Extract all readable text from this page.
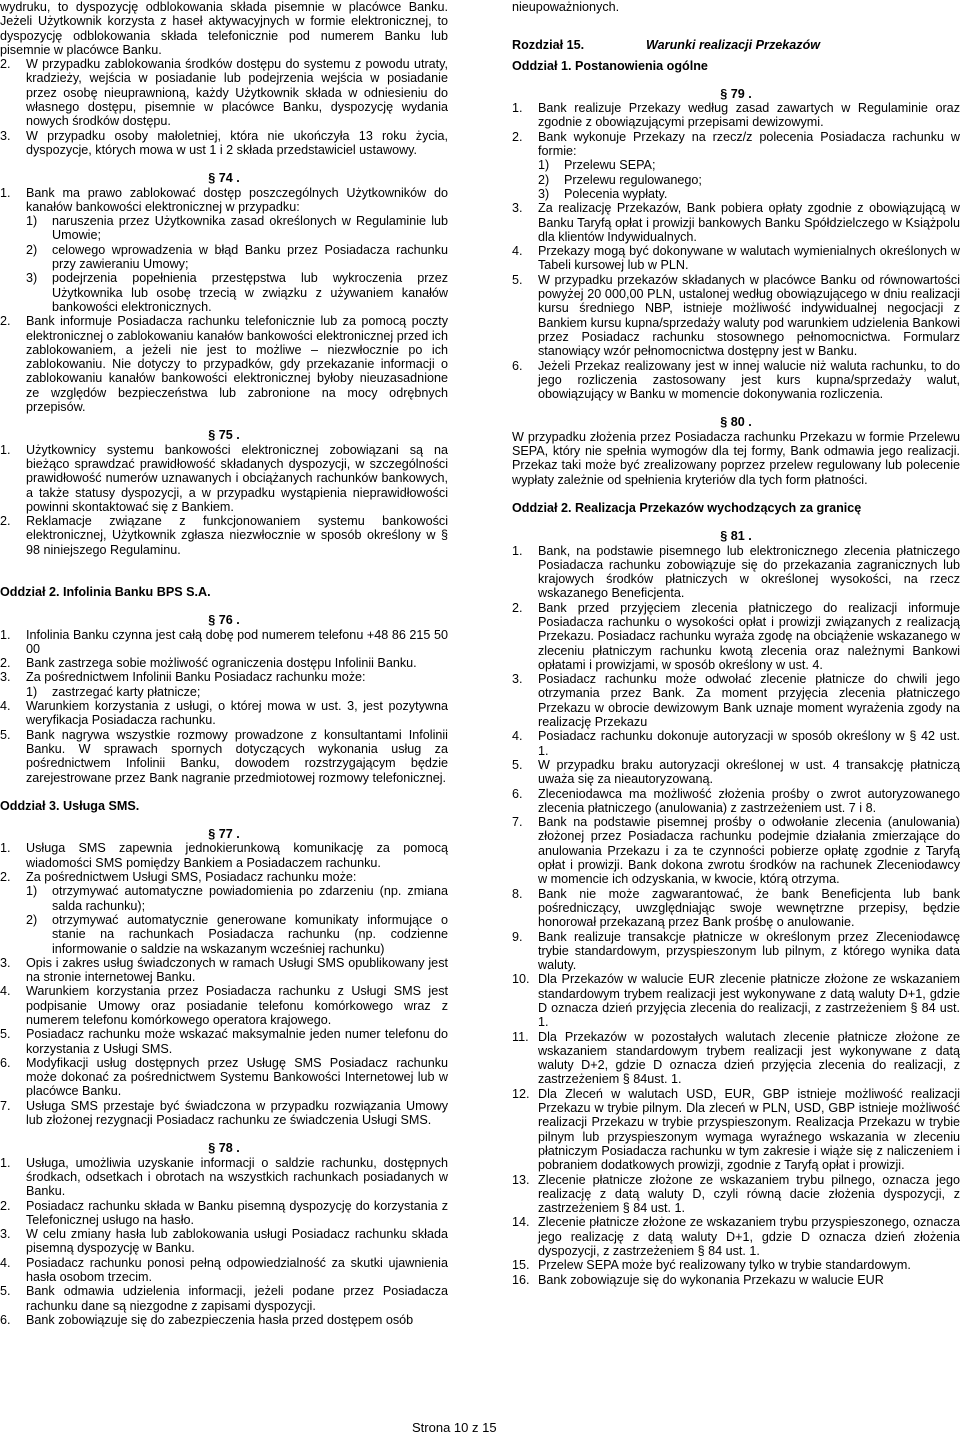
wydruku, to dyspozycję odblokowania składa pisemnie w placówce Banku. Jeżeli Użytkownik korzysta z haseł aktywacyjnych w formie elektronicznej, to dyspozycję odblokowania składa telefonicznie pod numerem Banku lub pisemnie w placówce Banku.
2.	W przypadku zablokowania środków dostępu do systemu z powodu utraty, kradzieży, wejścia w posiadanie lub podejrzenia wejścia w posiadanie przez osobę nieuprawnioną, każdy Użytkownik składa w odniesieniu do własnego dostępu, pisemnie w placówce Banku, dyspozycję wydania nowych środków dostępu.
3.	W przypadku osoby małoletniej, która nie ukończyła 13 roku życia, dyspozycje, których mowa w ust 1 i 2 składa przedstawiciel ustawowy.
§ 74 .
1.	Bank ma prawo zablokować dostęp poszczególnych Użytkowników do kanałów bankowości elektronicznej w przypadku:
1)	naruszenia przez Użytkownika zasad określonych w Regulaminie lub Umowie;
2)	celowego wprowadzenia w błąd Banku przez Posiadacza rachunku przy zawieraniu Umowy;
3)	podejrzenia popełnienia przestępstwa lub wykroczenia przez Użytkownika lub osobę trzecią w związku z używaniem kanałów bankowości elektronicznych.
2.	Bank informuje Posiadacza rachunku telefonicznie lub za pomocą poczty elektronicznej o zablokowaniu kanałów bankowości elektronicznej przed ich zablokowaniem, a jeżeli nie jest to możliwe – niezwłocznie po ich zablokowaniu. Nie dotyczy to przypadków, gdy przekazanie informacji o zablokowaniu kanałów bankowości elektronicznej byłoby nieuzasadnione ze względów bezpieczeństwa lub zabronione na mocy odrębnych przepisów.
§ 75 .
1.	Użytkownicy systemu bankowości elektronicznej zobowiązani są na bieżąco sprawdzać prawidłowość składanych dyspozycji, w szczególności prawidłowość numerów uznawanych i obciążanych rachunków bankowych, a także statusy dyspozycji, a w przypadku wystąpienia nieprawidłowości powinni skontaktować się z Bankiem.
2.	Reklamacje związane z funkcjonowaniem systemu bankowości elektronicznej, Użytkownik zgłasza niezwłocznie w sposób określony w § 98 niniejszego Regulaminu.
Oddział 2. Infolinia Banku BPS S.A.
§ 76 .
1.	Infolinia Banku czynna jest całą dobę pod numerem telefonu +48 86 215 50 00
2.	Bank zastrzega sobie możliwość ograniczenia dostępu Infolinii Banku.
3.	Za pośrednictwem Infolinii Banku Posiadacz rachunku może:
1)	zastrzegać karty płatnicze;
4.	Warunkiem korzystania z usługi, o której mowa w ust. 3, jest pozytywna weryfikacja Posiadacza rachunku.
5.	Bank nagrywa wszystkie rozmowy prowadzone z konsultantami Infolinii Banku. W sprawach spornych dotyczących wykonania usług za pośrednictwem Infolinii Banku, dowodem rozstrzygającym będzie zarejestrowane przez Bank nagranie przedmiotowej rozmowy telefonicznej.
Oddział 3. Usługa SMS.
§ 77 .
1.	Usługa SMS zapewnia jednokierunkową komunikację za pomocą wiadomości SMS pomiędzy Bankiem a Posiadaczem rachunku.
2.	Za pośrednictwem Usługi SMS, Posiadacz rachunku może:
1)	otrzymywać automatyczne powiadomienia po zdarzeniu (np. zmiana salda rachunku);
2)	otrzymywać automatycznie generowane komunikaty informujące o stanie na rachunkach Posiadacza rachunku (np. codzienne informowanie o saldzie na wskazanym wcześniej rachunku)
3.	Opis i zakres usług świadczonych w ramach Usługi SMS opublikowany jest na stronie internetowej Banku.
4.	Warunkiem korzystania przez Posiadacza rachunku z Usługi SMS jest podpisanie Umowy oraz posiadanie telefonu komórkowego wraz z numerem telefonu komórkowego operatora krajowego.
5.	Posiadacz rachunku może wskazać maksymalnie jeden numer telefonu do korzystania z Usługi SMS.
6.	Modyfikacji usług dostępnych przez Usługę SMS Posiadacz rachunku może dokonać za pośrednictwem Systemu Bankowości Internetowej lub w placówce Banku.
7.	Usługa SMS przestaje być świadczona w przypadku rozwiązania Umowy lub złożonej rezygnacji Posiadacz rachunku ze świadczenia Usługi SMS.
§ 78 .
1.	Usługa, umożliwia uzyskanie informacji o saldzie rachunku, dostępnych środkach, odsetkach i obrotach na wszystkich rachunkach posiadanych w Banku.
2.	Posiadacz rachunku składa w Banku pisemną dyspozycję do korzystania z Telefonicznej usługo na hasło.
3.	W celu zmiany hasła lub zablokowania usługi Posiadacz rachunku składa pisemną dyspozycję w Banku.
4.	Posiadacz rachunku ponosi pełną odpowiedzialność za skutki ujawnienia hasła osobom trzecim.
5.	Bank odmawia udzielenia informacji, jeżeli podane przez Posiadacza rachunku dane są niezgodne z zapisami dyspozycji.
6.	Bank zobowiązuje się do zabezpieczenia hasła przed dostępem osób
nieupoważnionych.
Rozdział 15.	Warunki realizacji Przekazów
Oddział 1. Postanowienia ogólne
§ 79 .
1.	Bank realizuje Przekazy według zasad zawartych w Regulaminie oraz zgodnie z obowiązującymi przepisami dewizowymi.
2.	Bank wykonuje Przekazy na rzecz/z polecenia Posiadacza rachunku w formie:
1)	Przelewu SEPA;
2)	Przelewu regulowanego;
3)	Polecenia wypłaty.
3.	Za realizację Przekazów, Bank pobiera opłaty zgodnie z obowiązującą w Banku Taryfą opłat i prowizji bankowych Banku Spółdzielczego w Książpolu dla klientów Indywidualnych.
4.	Przekazy mogą być dokonywane w walutach wymienialnych określonych w Tabeli kursowej lub w PLN.
5.	W przypadku przekazów składanych w placówce Banku od równowartości powyżej 20 000,00 PLN, ustalonej według obowiązującego w dniu realizacji kursu średniego NBP, istnieje możliwość indywidualnej negocjacji z Bankiem kursu kupna/sprzedaży waluty pod warunkiem udzielenia Bankowi przez Posiadacz rachunku stosownego pełnomocnictwa. Formularz stanowiący wzór pełnomocnictwa dostępny jest w Banku.
6.	Jeżeli Przekaz realizowany jest w innej walucie niż waluta rachunku, to do jego rozliczenia zastosowany jest kurs kupna/sprzedaży walut, obowiązujący w Banku w momencie dokonywania rozliczenia.
§ 80 .
W przypadku złożenia przez Posiadacza rachunku Przekazu w formie Przelewu SEPA, który nie spełnia wymogów dla tej formy, Bank odmawia jego realizacji. Przekaz taki może być zrealizowany poprzez przelew regulowany lub polecenie wypłaty zależnie od spełnienia kryteriów dla tych form płatności.
Oddział 2. Realizacja Przekazów wychodzących za granicę
§ 81 .
1.	Bank, na podstawie pisemnego lub elektronicznego zlecenia płatniczego Posiadacza rachunku zobowiązuje się do przekazania zagranicznych lub krajowych środków płatniczych w określonej wysokości, na rzecz wskazanego Beneficjenta.
2.	Bank przed przyjęciem zlecenia płatniczego do realizacji informuje Posiadacza rachunku o wysokości opłat i prowizji związanych z realizacją Przekazu. Posiadacz rachunku wyraża zgodę na obciążenie wskazanego w zleceniu płatniczym rachunku kwotą zlecenia oraz należnymi Bankowi opłatami i prowizjami, w sposób określony w ust. 4.
3.	Posiadacz rachunku może odwołać zlecenie płatnicze do chwili jego otrzymania przez Bank. Za moment przyjęcia zlecenia płatniczego Przekazu w obrocie dewizowym Bank uznaje moment wyrażenia zgody na realizację Przekazu
4.	Posiadacz rachunku dokonuje autoryzacji w sposób określony w § 42 ust. 1.
5.	W przypadku braku autoryzacji określonej w ust. 4 transakcję płatniczą uważa się za nieautoryzowaną.
6.	Zleceniodawca ma możliwość złożenia prośby o zwrot autoryzowanego zlecenia płatniczego (anulowania) z zastrzeżeniem ust. 7 i 8.
7.	Bank na podstawie pisemnej prośby o odwołanie zlecenia (anulowania) złożonej przez Posiadacza rachunku podejmie działania zmierzające do anulowania Przekazu i za te czynności pobierze opłatę zgodnie z Taryfą opłat i prowizji. Bank dokona zwrotu środków na rachunek Zleceniodawcy w momencie ich odzyskania, w kwocie, którą otrzyma.
8.	Bank nie może zagwarantować, że bank Beneficjenta lub bank pośredniczący, uwzględniając swoje wewnętrzne przepisy, będzie honorował przekazaną przez Bank prośbę o anulowanie.
9.	Bank realizuje transakcje płatnicze w określonym przez Zleceniodawcę trybie standardowym, przyspieszonym lub pilnym, z którego wynika data waluty.
10. Dla Przekazów w walucie EUR zlecenie płatnicze złożone ze wskazaniem standardowym trybem realizacji jest wykonywane z datą waluty D+1, gdzie D oznacza dzień przyjęcia zlecenia do realizacji, z zastrzeżeniem § 84 ust. 1.
11. Dla Przekazów w pozostałych walutach zlecenie płatnicze złożone ze wskazaniem standardowym trybem realizacji jest wykonywane z datą waluty D+2, gdzie D oznacza dzień przyjęcia zlecenia do realizacji, z zastrzeżeniem § 84ust. 1.
12. Dla Zleceń w walutach USD, EUR, GBP istnieje możliwość realizacji Przekazu w trybie pilnym. Dla zleceń w PLN, USD, GBP istnieje możliwość realizacji Przekazu w trybie przyspieszonym. Realizacja Przekazu w trybie pilnym lub przyspieszonym wymaga wyraźnego wskazania w zleceniu płatniczym Posiadacza rachunku w tym zakresie i wiąże się z naliczeniem i pobraniem dodatkowych prowizji, zgodnie z Taryfą opłat i prowizji.
13. Zlecenie płatnicze złożone ze wskazaniem trybu pilnego, oznacza jego realizację z datą waluty D, czyli równą dacie złożenia dyspozycji, z zastrzeżeniem § 84 ust. 1.
14. Zlecenie płatnicze złożone ze wskazaniem trybu przyspieszonego, oznacza jego realizację z datą waluty D+1, gdzie D oznacza dzień złożenia dyspozycji, z zastrzeżeniem § 84 ust. 1.
15. Przelew SEPA może być realizowany tylko w trybie standardowym.
16. Bank zobowiązuje się do wykonania Przekazu w walucie EUR
Strona 10 z 15
